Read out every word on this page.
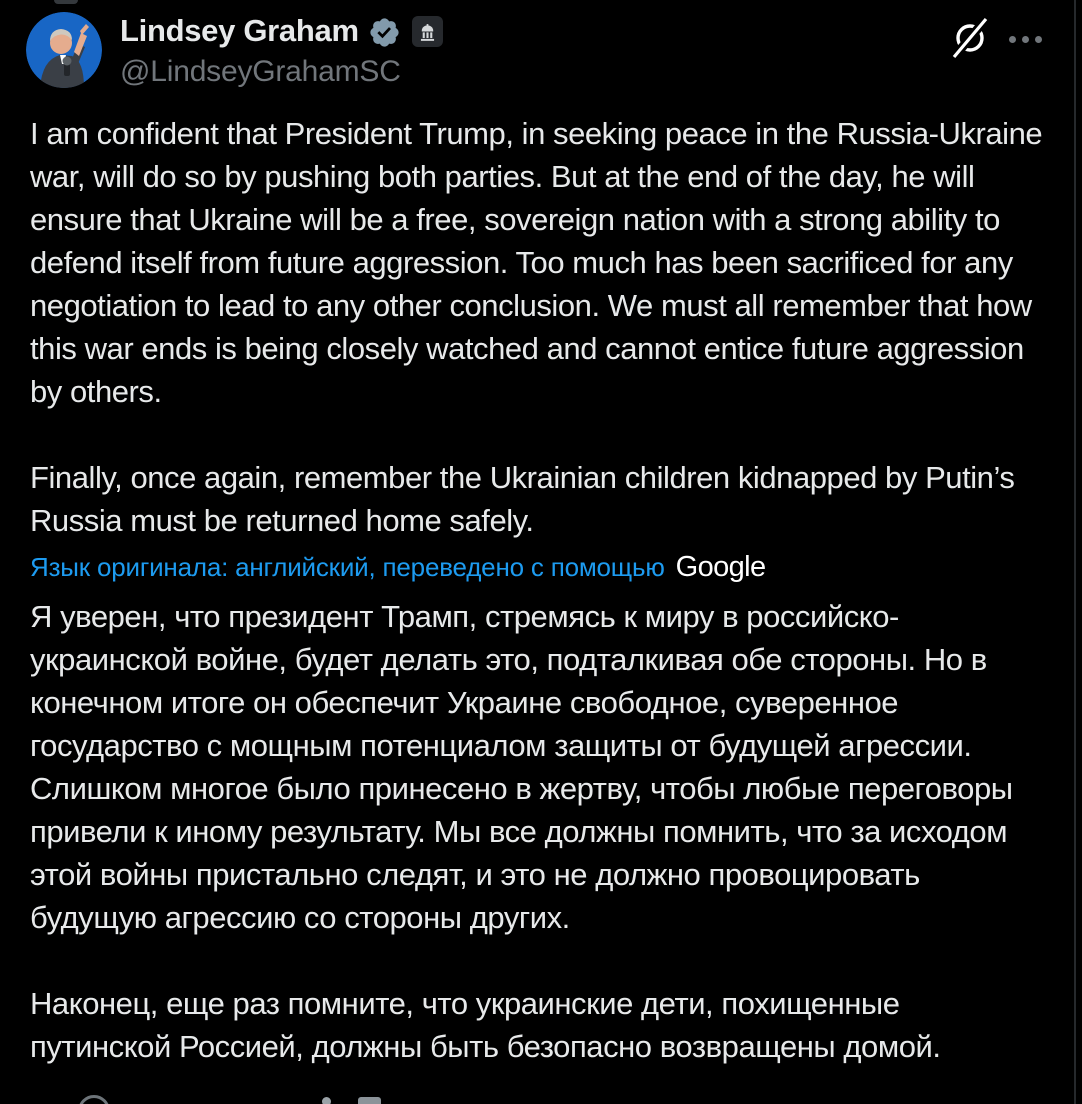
Lindsey Graham
@LindseyGrahamSC

I am confident that President Trump, in seeking peace in the Russia-Ukraine war, will do so by pushing both parties. But at the end of the day, he will ensure that Ukraine will be a free, sovereign nation with a strong ability to defend itself from future aggression. Too much has been sacrificed for any negotiation to lead to any other conclusion. We must all remember that how this war ends is being closely watched and cannot entice future aggression by others.

Finally, once again, remember the Ukrainian children kidnapped by Putin’s Russia must be returned home safely.

Язык оригинала: английский, переведено с помощью Google

Я уверен, что президент Трамп, стремясь к миру в российско-украинской войне, будет делать это, подталкивая обе стороны. Но в конечном итоге он обеспечит Украине свободное, суверенное государство с мощным потенциалом защиты от будущей агрессии. Слишком многое было принесено в жертву, чтобы любые переговоры привели к иному результату. Мы все должны помнить, что за исходом этой войны пристально следят, и это не должно провоцировать будущую агрессию со стороны других.

Наконец, еще раз помните, что украинские дети, похищенные путинской Россией, должны быть безопасно возвращены домой.
